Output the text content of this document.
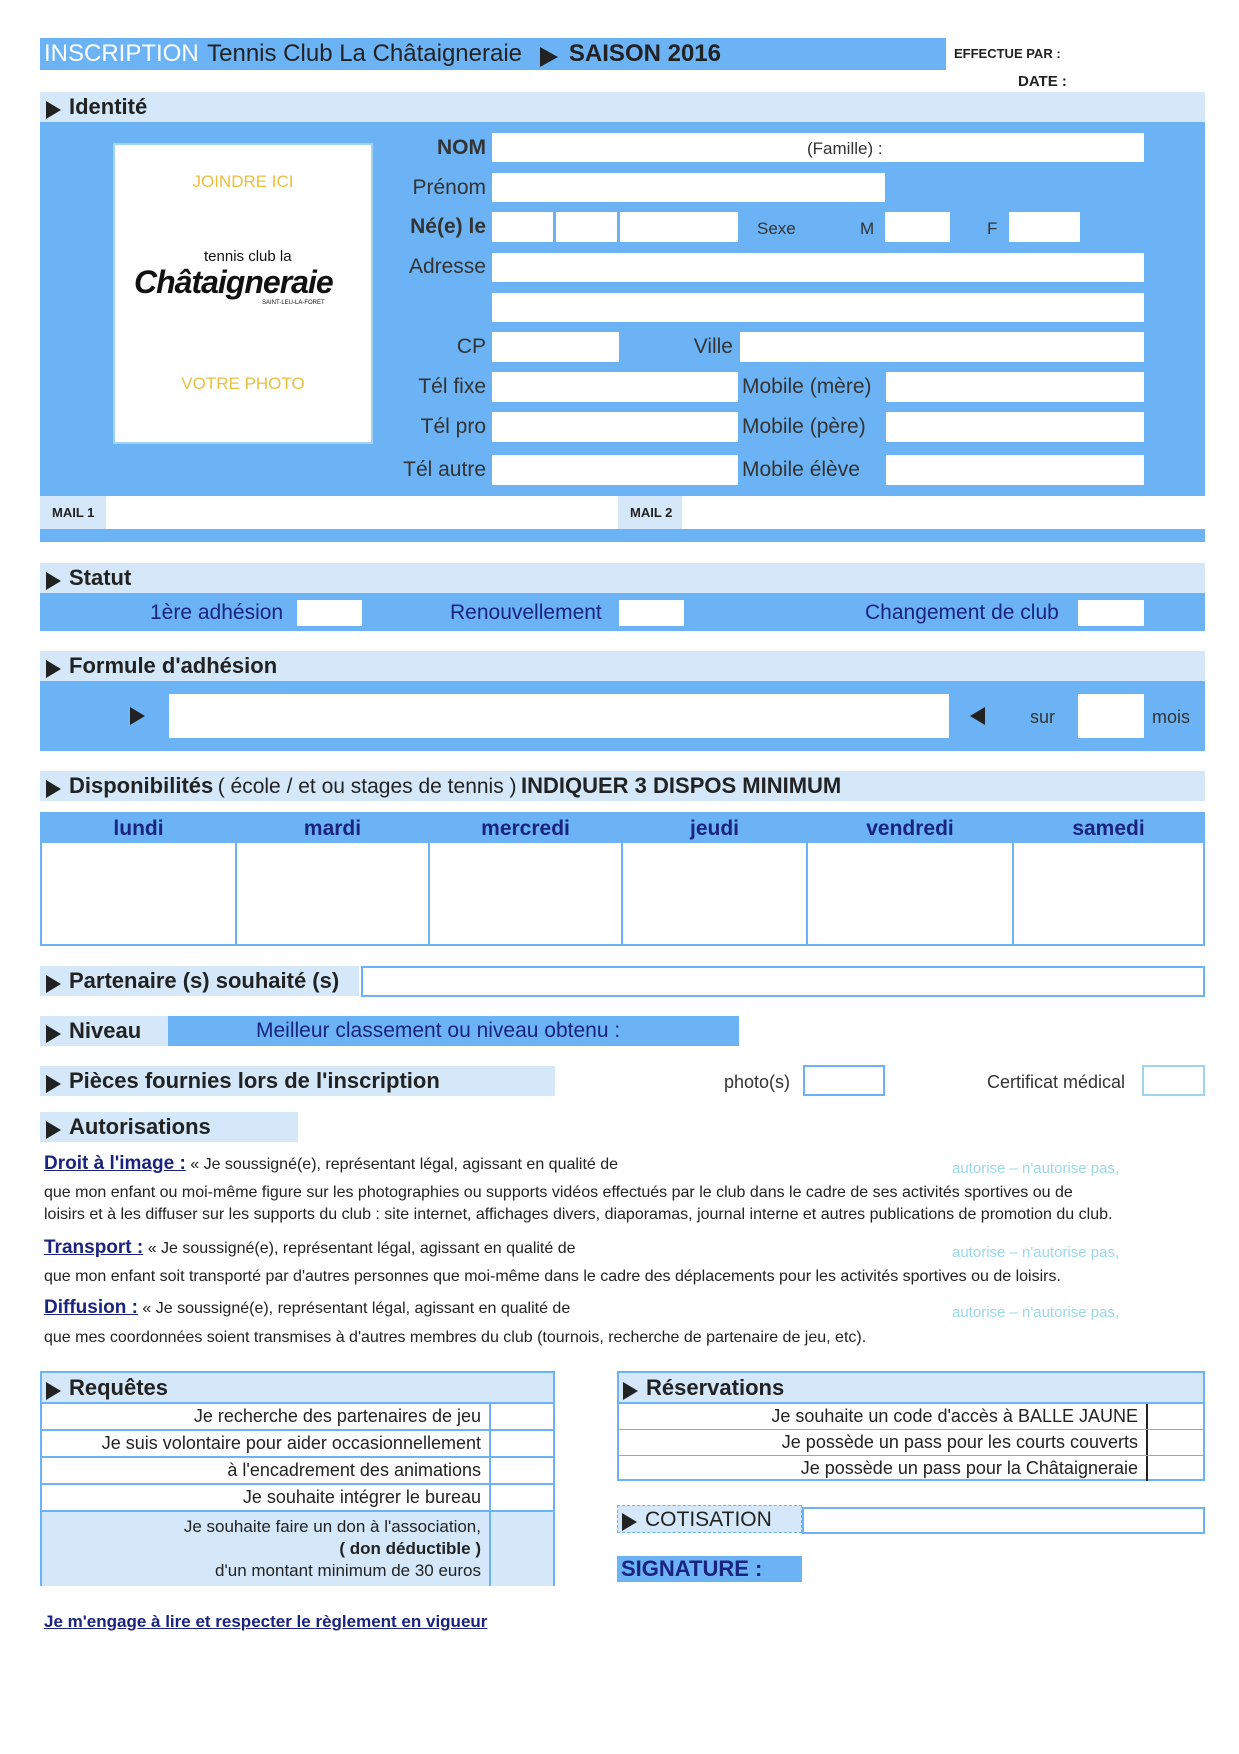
INSCRIPTION Tennis Club La Châtaigneraie SAISON 2016	EFFECTUE PAR :
DATE :
Identité
JOINDRE ICI
tennis club la
Châtaigneraie
SAINT-LEU-LA-FORET
VOTRE PHOTO
NOM	(Famille) :
Prénom
Né(e) le	Sexe	M	F
Adresse
CP	Ville
Tél fixe	Mobile (mère)
Tél pro	Mobile (père)
Tél autre	Mobile élève
MAIL 1	MAIL 2
Statut
1ère adhésion	Renouvellement	Changement de club
Formule d'adhésion
sur	mois
Disponibilités ( école / et ou stages de tennis ) INDIQUER 3 DISPOS MINIMUM
lundi	mardi	mercredi	jeudi	vendredi	samedi
Partenaire (s) souhaité (s)
Niveau	Meilleur classement ou niveau obtenu :
Pièces fournies lors de l'inscription	photo(s)	Certificat médical
Autorisations
Droit à l'image : « Je soussigné(e), représentant légal, agissant en qualité de	autorise – n'autorise pas,
que mon enfant ou moi-même figure sur les photographies ou supports vidéos effectués par le club dans le cadre de ses activités sportives ou de
loisirs et à les diffuser sur les supports du club : site internet, affichages divers, diaporamas, journal interne et autres publications de promotion du club.
Transport : « Je soussigné(e), représentant légal, agissant en qualité de	autorise – n'autorise pas,
que mon enfant soit transporté par d'autres personnes que moi-même dans le cadre des déplacements pour les activités sportives ou de loisirs.
Diffusion : « Je soussigné(e), représentant légal, agissant en qualité de	autorise – n'autorise pas,
que mes coordonnées soient transmises à d'autres membres du club (tournois, recherche de partenaire de jeu, etc).
Requêtes
Je recherche des partenaires de jeu
Je suis volontaire pour aider occasionnellement
à l'encadrement des animations
Je souhaite intégrer le bureau
Je souhaite faire un don à l'association,
( don déductible )
d'un montant minimum de 30 euros
Réservations
Je souhaite un code d'accès à BALLE JAUNE
Je possède un pass pour les courts couverts
Je possède un pass pour la Châtaigneraie
COTISATION
SIGNATURE :
Je m'engage à lire et respecter le règlement en vigueur
